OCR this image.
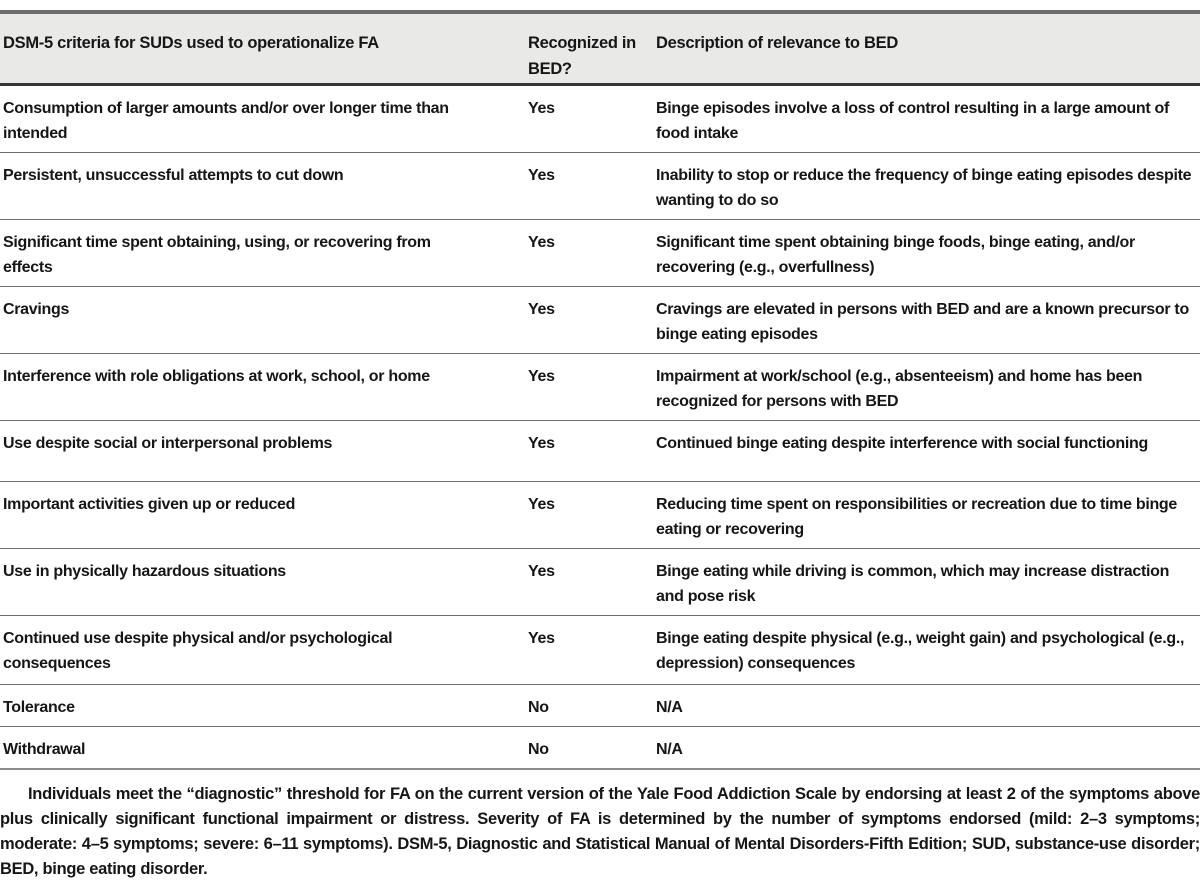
DSM-5 criteria for SUDs used to operationalize FA	Recognized in BED?	Description of relevance to BED
Consumption of larger amounts and/or over longer time than intended	Yes	Binge episodes involve a loss of control resulting in a large amount of food intake
Persistent, unsuccessful attempts to cut down	Yes	Inability to stop or reduce the frequency of binge eating episodes despite wanting to do so
Significant time spent obtaining, using, or recovering from effects	Yes	Significant time spent obtaining binge foods, binge eating, and/or recovering (e.g., overfullness)
Cravings	Yes	Cravings are elevated in persons with BED and are a known precursor to binge eating episodes
Interference with role obligations at work, school, or home	Yes	Impairment at work/school (e.g., absenteeism) and home has been recognized for persons with BED
Use despite social or interpersonal problems	Yes	Continued binge eating despite interference with social functioning
Important activities given up or reduced	Yes	Reducing time spent on responsibilities or recreation due to time binge eating or recovering
Use in physically hazardous situations	Yes	Binge eating while driving is common, which may increase distraction and pose risk
Continued use despite physical and/or psychological consequences	Yes	Binge eating despite physical (e.g., weight gain) and psychological (e.g., depression) consequences
Tolerance	No	N/A
Withdrawal	No	N/A

Individuals meet the “diagnostic” threshold for FA on the current version of the Yale Food Addiction Scale by endorsing at least 2 of the symptoms above plus clinically significant functional impairment or distress. Severity of FA is determined by the number of symptoms endorsed (mild: 2–3 symptoms; moderate: 4–5 symptoms; severe: 6–11 symptoms). DSM-5, Diagnostic and Statistical Manual of Mental Disorders-Fifth Edition; SUD, substance-use disorder; BED, binge eating disorder.
